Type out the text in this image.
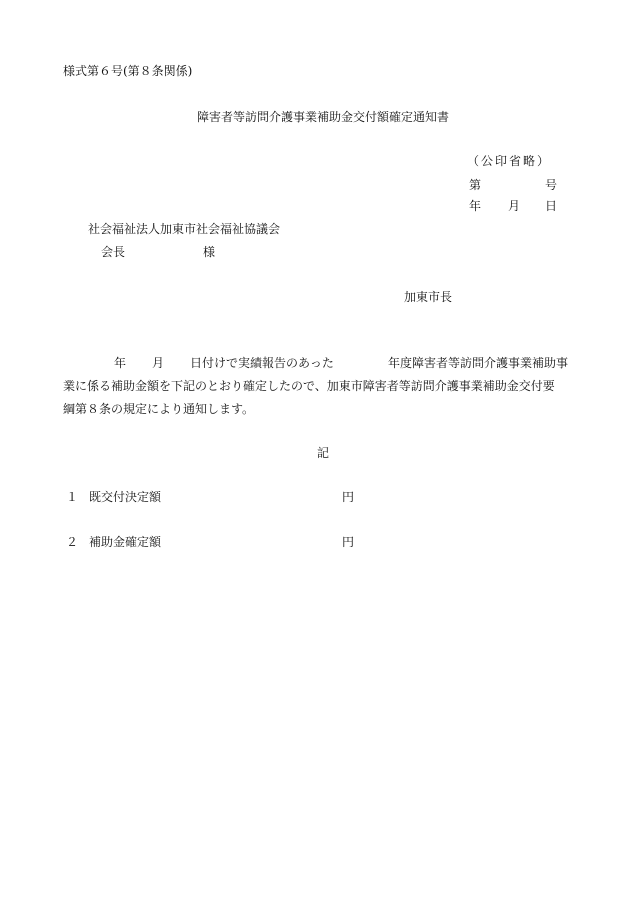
様式第６号(第８条関係)
障害者等訪問介護事業補助金交付額確定通知書
（公印省略）
第	号
年 月 日
社会福祉法人加東市社会福祉協議会
会長	様
加東市長
年 月 日付けで実績報告のあった	年度障害者等訪問介護事業補助事
業に係る補助金額を下記のとおり確定したので、加東市障害者等訪問介護事業補助金交付要
綱第８条の規定により通知します。
記
１ 既交付決定額	円
２ 補助金確定額	円
